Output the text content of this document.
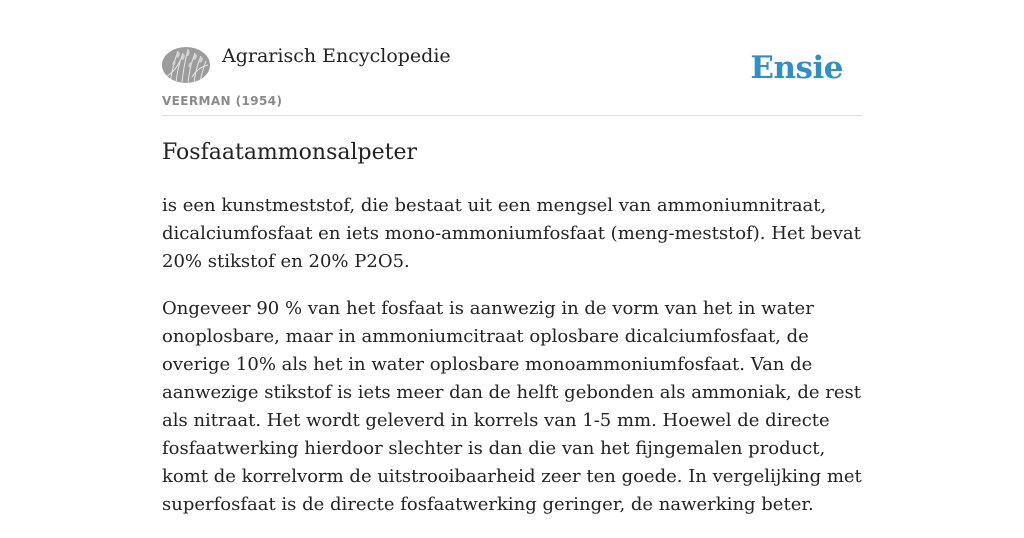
Agrarisch Encyclopedie
VEERMAN (1954)
Ensie
Fosfaatammonsalpeter

is een kunstmeststof, die bestaat uit een mengsel van ammoniumnitraat, dicalciumfosfaat en iets mono-ammoniumfosfaat (meng-meststof). Het bevat 20% stikstof en 20% P2O5.

Ongeveer 90 % van het fosfaat is aanwezig in de vorm van het in water onoplosbare, maar in ammoniumcitraat oplosbare dicalciumfosfaat, de overige 10% als het in water oplosbare monoammoniumfosfaat. Van de aanwezige stikstof is iets meer dan de helft gebonden als ammoniak, de rest als nitraat. Het wordt geleverd in korrels van 1-5 mm. Hoewel de directe fosfaatwerking hierdoor slechter is dan die van het fijngemalen product, komt de korrelvorm de uitstrooibaarheid zeer ten goede. In vergelijking met superfosfaat is de directe fosfaatwerking geringer, de nawerking beter.
